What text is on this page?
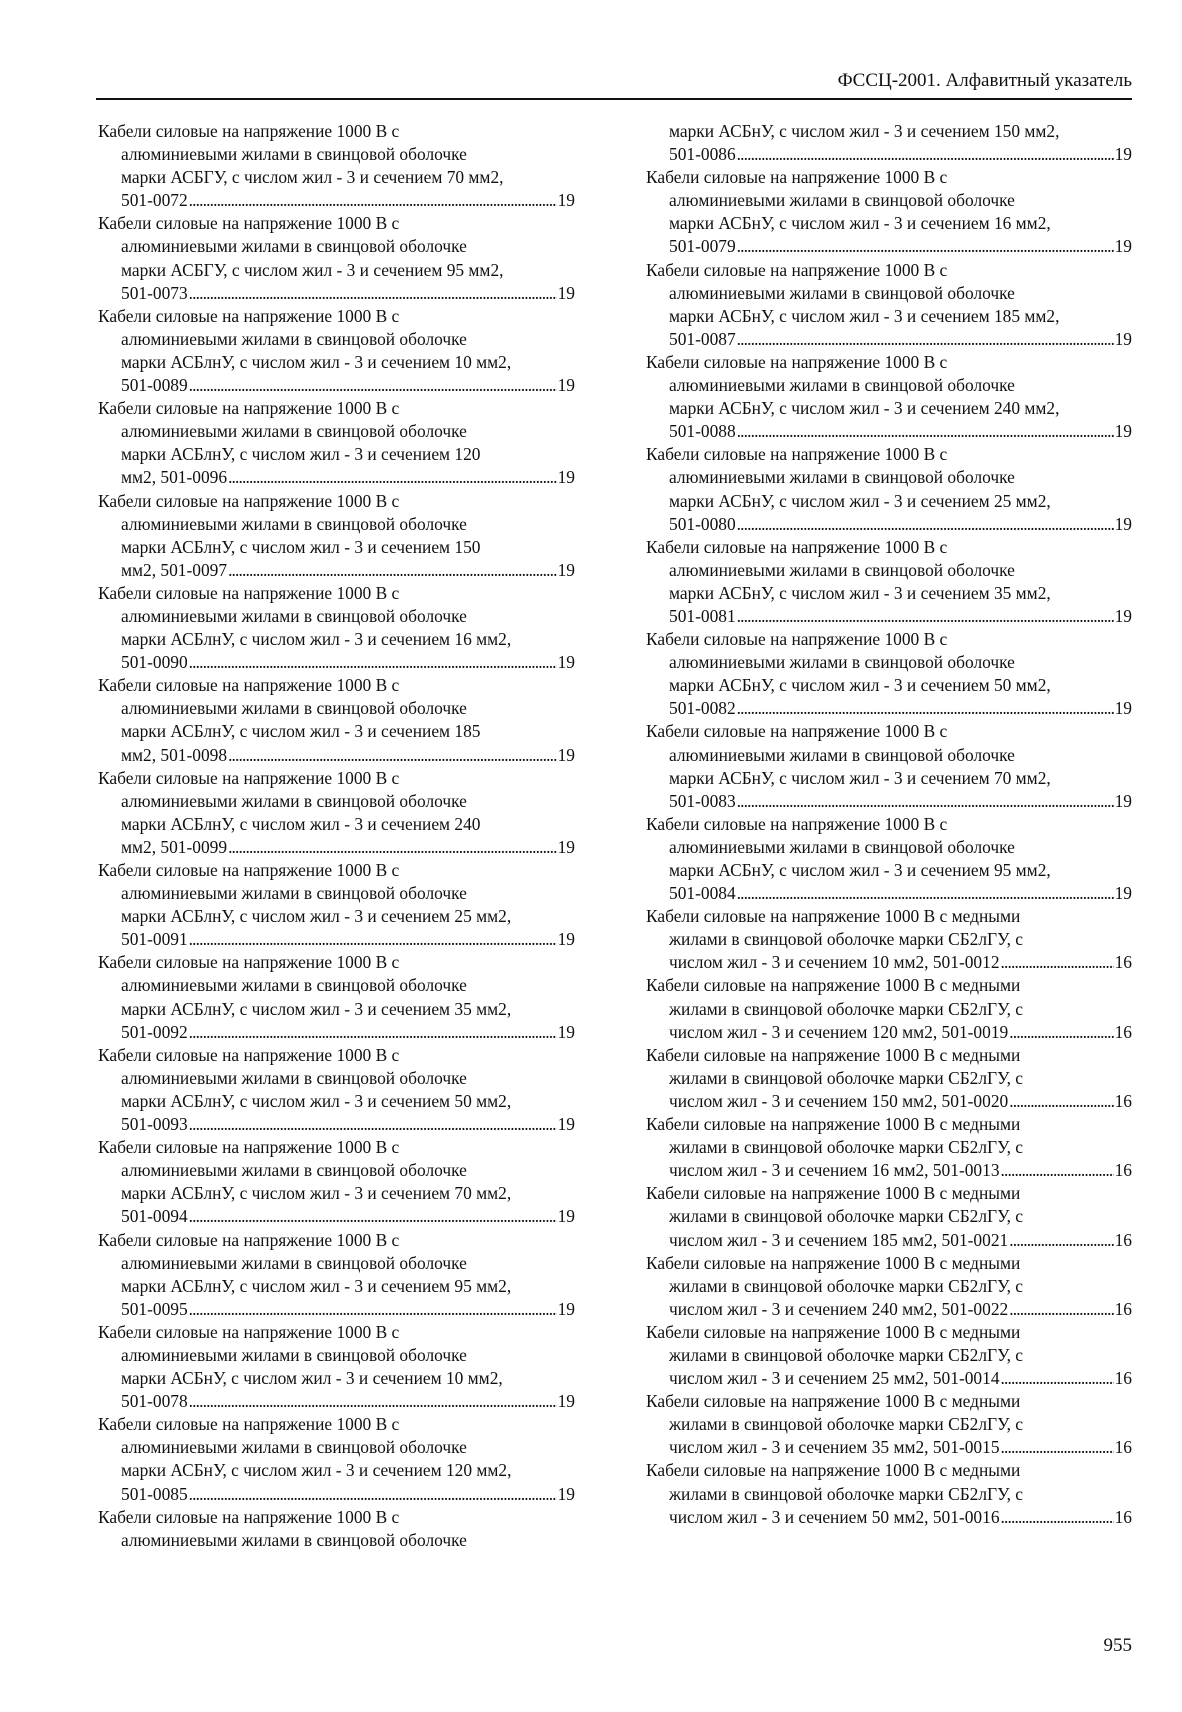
ФССЦ-2001. Алфавитный указатель
Кабели силовые на напряжение 1000 В с
алюминиевыми жилами в свинцовой оболочке
марки АСБГУ, с числом жил - 3 и сечением 70 мм2,
501-0072 . . .	19
Кабели силовые на напряжение 1000 В с
алюминиевыми жилами в свинцовой оболочке
марки АСБГУ, с числом жил - 3 и сечением 95 мм2,
501-0073 . . .	19
Кабели силовые на напряжение 1000 В с
алюминиевыми жилами в свинцовой оболочке
марки АСБлнУ, с числом жил - 3 и сечением 10 мм2,
501-0089 . . .	19
Кабели силовые на напряжение 1000 В с
алюминиевыми жилами в свинцовой оболочке
марки АСБлнУ, с числом жил - 3 и сечением 120
мм2, 501-0096 . . .	19
Кабели силовые на напряжение 1000 В с
алюминиевыми жилами в свинцовой оболочке
марки АСБлнУ, с числом жил - 3 и сечением 150
мм2, 501-0097 . . .	19
Кабели силовые на напряжение 1000 В с
алюминиевыми жилами в свинцовой оболочке
марки АСБлнУ, с числом жил - 3 и сечением 16 мм2,
501-0090 . . .	19
Кабели силовые на напряжение 1000 В с
алюминиевыми жилами в свинцовой оболочке
марки АСБлнУ, с числом жил - 3 и сечением 185
мм2, 501-0098 . . .	19
Кабели силовые на напряжение 1000 В с
алюминиевыми жилами в свинцовой оболочке
марки АСБлнУ, с числом жил - 3 и сечением 240
мм2, 501-0099 . . .	19
Кабели силовые на напряжение 1000 В с
алюминиевыми жилами в свинцовой оболочке
марки АСБлнУ, с числом жил - 3 и сечением 25 мм2,
501-0091 . . .	19
Кабели силовые на напряжение 1000 В с
алюминиевыми жилами в свинцовой оболочке
марки АСБлнУ, с числом жил - 3 и сечением 35 мм2,
501-0092 . . .	19
Кабели силовые на напряжение 1000 В с
алюминиевыми жилами в свинцовой оболочке
марки АСБлнУ, с числом жил - 3 и сечением 50 мм2,
501-0093 . . .	19
Кабели силовые на напряжение 1000 В с
алюминиевыми жилами в свинцовой оболочке
марки АСБлнУ, с числом жил - 3 и сечением 70 мм2,
501-0094 . . .	19
Кабели силовые на напряжение 1000 В с
алюминиевыми жилами в свинцовой оболочке
марки АСБлнУ, с числом жил - 3 и сечением 95 мм2,
501-0095 . . .	19
Кабели силовые на напряжение 1000 В с
алюминиевыми жилами в свинцовой оболочке
марки АСБнУ, с числом жил - 3 и сечением 10 мм2,
501-0078 . . .	19
Кабели силовые на напряжение 1000 В с
алюминиевыми жилами в свинцовой оболочке
марки АСБнУ, с числом жил - 3 и сечением 120 мм2,
501-0085 . . .	19
Кабели силовые на напряжение 1000 В с
алюминиевыми жилами в свинцовой оболочке
марки АСБнУ, с числом жил - 3 и сечением 150 мм2,
501-0086 . . .	19
Кабели силовые на напряжение 1000 В с
алюминиевыми жилами в свинцовой оболочке
марки АСБнУ, с числом жил - 3 и сечением 16 мм2,
501-0079 . . .	19
Кабели силовые на напряжение 1000 В с
алюминиевыми жилами в свинцовой оболочке
марки АСБнУ, с числом жил - 3 и сечением 185 мм2,
501-0087 . . .	19
Кабели силовые на напряжение 1000 В с
алюминиевыми жилами в свинцовой оболочке
марки АСБнУ, с числом жил - 3 и сечением 240 мм2,
501-0088 . . .	19
Кабели силовые на напряжение 1000 В с
алюминиевыми жилами в свинцовой оболочке
марки АСБнУ, с числом жил - 3 и сечением 25 мм2,
501-0080 . . .	19
Кабели силовые на напряжение 1000 В с
алюминиевыми жилами в свинцовой оболочке
марки АСБнУ, с числом жил - 3 и сечением 35 мм2,
501-0081 . . .	19
Кабели силовые на напряжение 1000 В с
алюминиевыми жилами в свинцовой оболочке
марки АСБнУ, с числом жил - 3 и сечением 50 мм2,
501-0082 . . .	19
Кабели силовые на напряжение 1000 В с
алюминиевыми жилами в свинцовой оболочке
марки АСБнУ, с числом жил - 3 и сечением 70 мм2,
501-0083 . . .	19
Кабели силовые на напряжение 1000 В с
алюминиевыми жилами в свинцовой оболочке
марки АСБнУ, с числом жил - 3 и сечением 95 мм2,
501-0084 . . .	19
Кабели силовые на напряжение 1000 В с медными
жилами в свинцовой оболочке марки СБ2лГУ, с
числом жил - 3 и сечением 10 мм2, 501-0012 . . .	16
Кабели силовые на напряжение 1000 В с медными
жилами в свинцовой оболочке марки СБ2лГУ, с
числом жил - 3 и сечением 120 мм2, 501-0019 . . .	16
Кабели силовые на напряжение 1000 В с медными
жилами в свинцовой оболочке марки СБ2лГУ, с
числом жил - 3 и сечением 150 мм2, 501-0020 . . .	16
Кабели силовые на напряжение 1000 В с медными
жилами в свинцовой оболочке марки СБ2лГУ, с
числом жил - 3 и сечением 16 мм2, 501-0013 . . .	16
Кабели силовые на напряжение 1000 В с медными
жилами в свинцовой оболочке марки СБ2лГУ, с
числом жил - 3 и сечением 185 мм2, 501-0021 . . .	16
Кабели силовые на напряжение 1000 В с медными
жилами в свинцовой оболочке марки СБ2лГУ, с
числом жил - 3 и сечением 240 мм2, 501-0022 . . .	16
Кабели силовые на напряжение 1000 В с медными
жилами в свинцовой оболочке марки СБ2лГУ, с
числом жил - 3 и сечением 25 мм2, 501-0014 . . .	16
Кабели силовые на напряжение 1000 В с медными
жилами в свинцовой оболочке марки СБ2лГУ, с
числом жил - 3 и сечением 35 мм2, 501-0015 . . .	16
Кабели силовые на напряжение 1000 В с медными
жилами в свинцовой оболочке марки СБ2лГУ, с
числом жил - 3 и сечением 50 мм2, 501-0016 . . .	16
955
